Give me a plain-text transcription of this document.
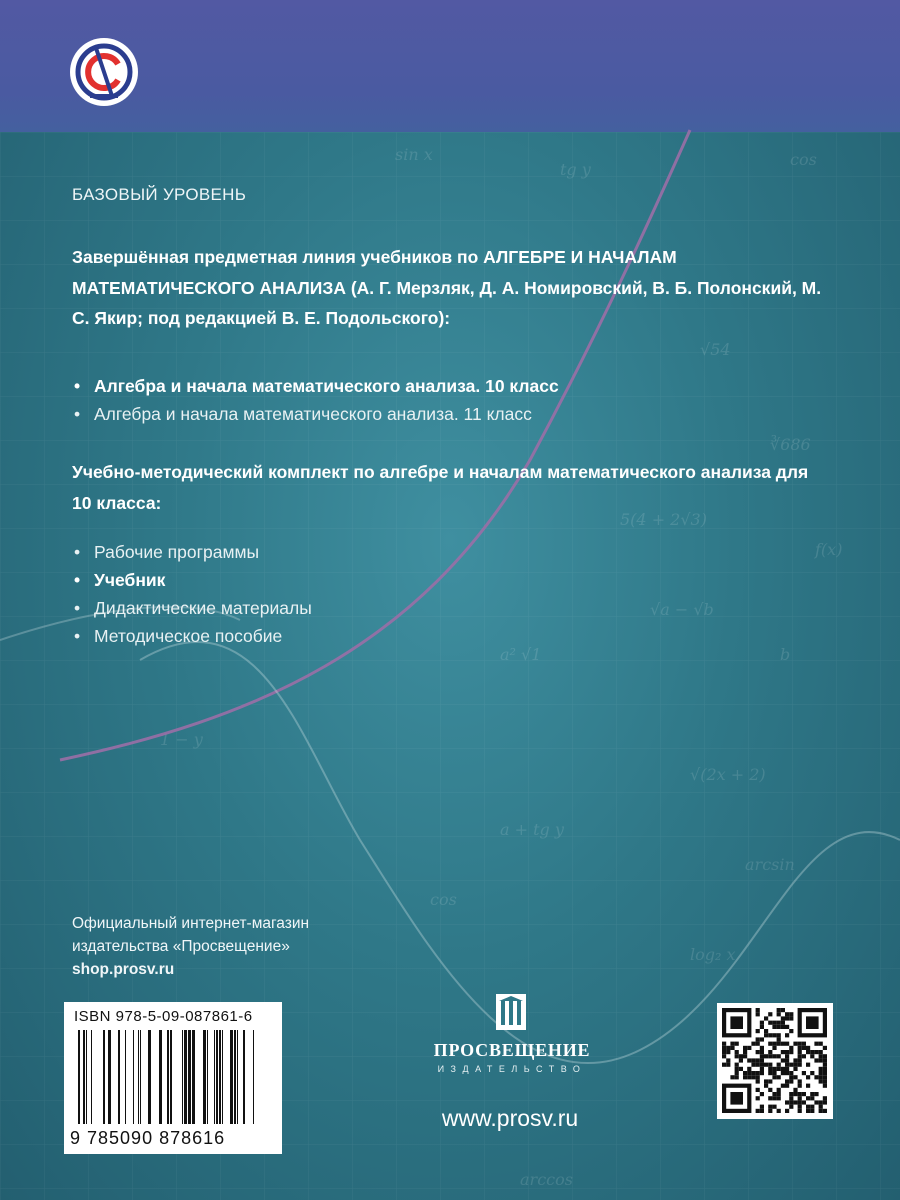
sin x
tg y
cos
√54
∛686
5(4 + 2√3)
f(x)
√a − √b
a² √1
√(2x + 2)
a + tg y
arcsin
cos
log₂ x
arccos
1 − y
b
БАЗОВЫЙ УРОВЕНЬ
Завершённая предметная линия учебников по АЛГЕБРЕ И НАЧАЛАМ МАТЕМАТИЧЕСКОГО АНАЛИЗА (А. Г. Мерзляк, Д. А. Номировский, В. Б. Полонский, М. С. Якир; под редакцией В. Е. Подольского):
• Алгебра и начала математического анализа. 10 класс
• Алгебра и начала математического анализа. 11 класс
Учебно-методический комплект по алгебре и началам математического анализа для 10 класса:
• Рабочие программы
• Учебник
• Дидактические материалы
• Методическое пособие
Официальный интернет-магазин
издательства «Просвещение»
shop.prosv.ru
ISBN 978-5-09-087861-6
9 785090 878616
ПРОСВЕЩЕНИЕ
ИЗДАТЕЛЬСТВО
www.prosv.ru
